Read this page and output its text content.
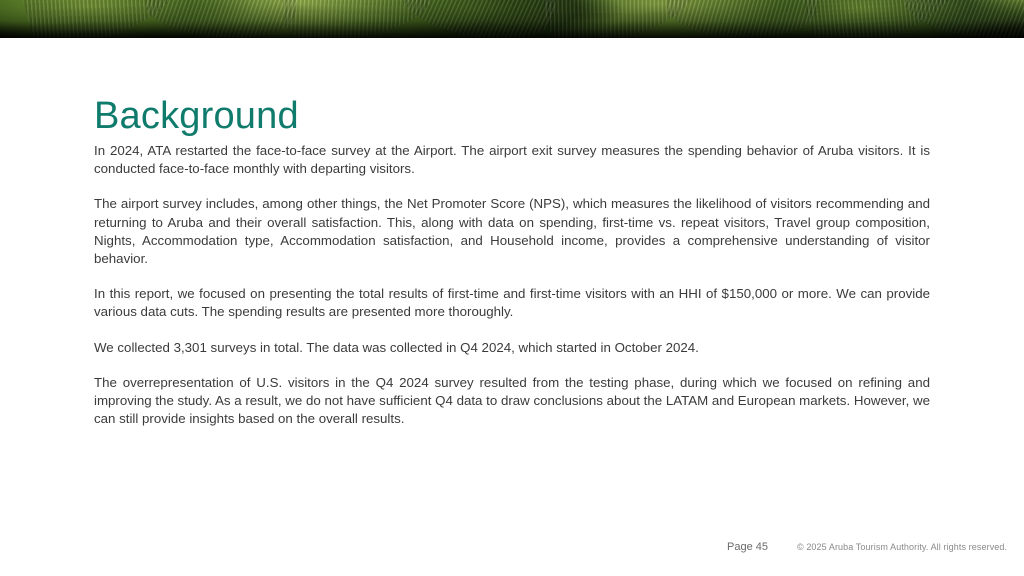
Background

In 2024, ATA restarted the face-to-face survey at the Airport. The airport exit survey measures the spending behavior of Aruba visitors. It is conducted face-to-face monthly with departing visitors.

The airport survey includes, among other things, the Net Promoter Score (NPS), which measures the likelihood of visitors recommending and returning to Aruba and their overall satisfaction. This, along with data on spending, first-time vs. repeat visitors, Travel group composition, Nights, Accommodation type, Accommodation satisfaction, and Household income, provides a comprehensive understanding of visitor behavior.

In this report, we focused on presenting the total results of first-time and first-time visitors with an HHI of $150,000 or more. We can provide various data cuts. The spending results are presented more thoroughly.

We collected 3,301 surveys in total. The data was collected in Q4 2024, which started in October 2024.

The overrepresentation of U.S. visitors in the Q4 2024 survey resulted from the testing phase, during which we focused on refining and improving the study. As a result, we do not have sufficient Q4 data to draw conclusions about the LATAM and European markets. However, we can still provide insights based on the overall results.

Page 45	© 2025 Aruba Tourism Authority. All rights reserved.
